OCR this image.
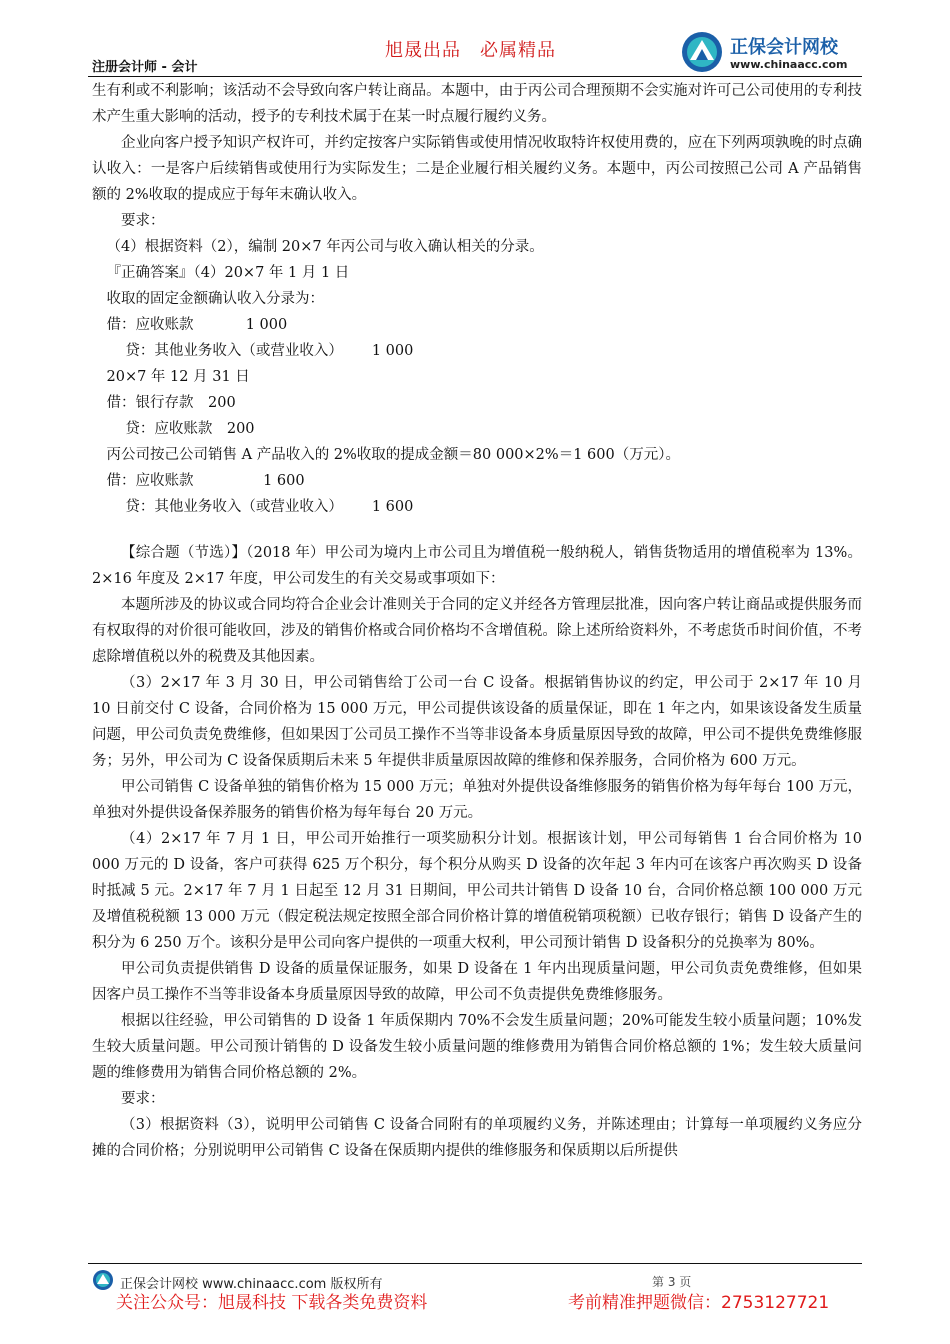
旭晟出品　必属精品
注册会计师 - 会计
正保会计网校
www.chinaacc.com

生有利或不利影响；该活动不会导致向客户转让商品。本题中，由于丙公司合理预期不会实施对许可己公司使用的专利技术产生重大影响的活动，授予的专利技术属于在某一时点履行履约义务。

企业向客户授予知识产权许可，并约定按客户实际销售或使用情况收取特许权使用费的，应在下列两项孰晚的时点确认收入：一是客户后续销售或使用行为实际发生；二是企业履行相关履约义务。本题中，丙公司按照己公司 A 产品销售额的 2%收取的提成应于每年末确认收入。

要求：

（4）根据资料（2），编制 20×7 年丙公司与收入确认相关的分录。

『正确答案』（4）20×7 年 1 月 1 日

收取的固定金额确认收入分录为：

借：应收账款	1 000

贷：其他业务收入（或营业收入） 1 000

20×7 年 12 月 31 日

借：银行存款 200

贷：应收账款 200

丙公司按己公司销售 A 产品收入的 2%收取的提成金额＝80 000×2%＝1 600（万元）。

借：应收账款	1 600

贷：其他业务收入（或营业收入） 1 600

【综合题（节选）】（2018 年）甲公司为境内上市公司且为增值税一般纳税人，销售货物适用的增值税率为 13%。2×16 年度及 2×17 年度，甲公司发生的有关交易或事项如下：

本题所涉及的协议或合同均符合企业会计准则关于合同的定义并经各方管理层批准，因向客户转让商品或提供服务而有权取得的对价很可能收回，涉及的销售价格或合同价格均不含增值税。除上述所给资料外，不考虑货币时间价值，不考虑除增值税以外的税费及其他因素。

（3）2×17 年 3 月 30 日，甲公司销售给丁公司一台 C 设备。根据销售协议的约定，甲公司于 2×17 年 10 月 10 日前交付 C 设备，合同价格为 15 000 万元，甲公司提供该设备的质量保证，即在 1 年之内，如果该设备发生质量问题，甲公司负责免费维修，但如果因丁公司员工操作不当等非设备本身质量原因导致的故障，甲公司不提供免费维修服务；另外，甲公司为 C 设备保质期后未来 5 年提供非质量原因故障的维修和保养服务，合同价格为 600 万元。

甲公司销售 C 设备单独的销售价格为 15 000 万元；单独对外提供设备维修服务的销售价格为每年每台 100 万元，单独对外提供设备保养服务的销售价格为每年每台 20 万元。

（4）2×17 年 7 月 1 日，甲公司开始推行一项奖励积分计划。根据该计划，甲公司每销售 1 台合同价格为 10 000 万元的 D 设备，客户可获得 625 万个积分，每个积分从购买 D 设备的次年起 3 年内可在该客户再次购买 D 设备时抵减 5 元。2×17 年 7 月 1 日起至 12 月 31 日期间，甲公司共计销售 D 设备 10 台，合同价格总额 100 000 万元及增值税税额 13 000 万元（假定税法规定按照全部合同价格计算的增值税销项税额）已收存银行；销售 D 设备产生的积分为 6 250 万个。该积分是甲公司向客户提供的一项重大权利，甲公司预计销售 D 设备积分的兑换率为 80%。

甲公司负责提供销售 D 设备的质量保证服务，如果 D 设备在 1 年内出现质量问题，甲公司负责免费维修，但如果因客户员工操作不当等非设备本身质量原因导致的故障，甲公司不负责提供免费维修服务。

根据以往经验，甲公司销售的 D 设备 1 年质保期内 70%不会发生质量问题；20%可能发生较小质量问题；10%发生较大质量问题。甲公司预计销售的 D 设备发生较小质量问题的维修费用为销售合同价格总额的 1%；发生较大质量问题的维修费用为销售合同价格总额的 2%。

要求：

（3）根据资料（3），说明甲公司销售 C 设备合同附有的单项履约义务，并陈述理由；计算每一单项履约义务应分摊的合同价格；分别说明甲公司销售 C 设备在保质期内提供的维修服务和保质期以后所提供

正保会计网校 www.chinaacc.com 版权所有	第 3 页
关注公众号：旭晟科技 下载各类免费资料	考前精准押题微信：2753127721
